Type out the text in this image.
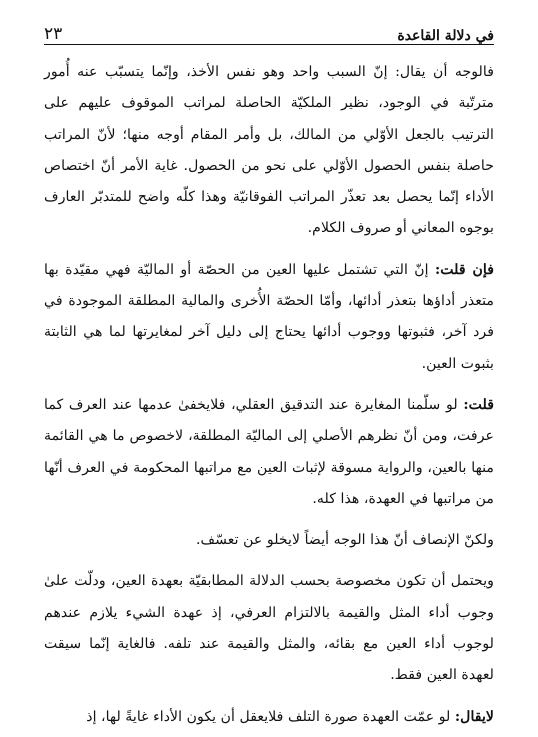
في دلالة القاعدة
٢٣

فالوجه أن يقال: إنّ السبب واحد وهو نفس الأخذ، وإنّما يتسبّب عنه أُمور مترتّبة في الوجود، نظير الملكيّة الحاصلة لمراتب الموقوف عليهم على الترتيب بالجعل الأوّلي من المالك، بل وأمر المقام أوجه منها؛ لأنّ المراتب حاصلة بنفس الحصول الأوّلي على نحو من الحصول. غاية الأمر أنّ اختصاص الأداء إنّما يحصل بعد تعذّر المراتب الفوقانيّة وهذا كلّه واضح للمتدبّر العارف بوجوه المعاني أو صروف الكلام.

فإن قلت: إنّ التي تشتمل عليها العين من الحصّة أو الماليّة فهي مقيّدة بها متعذر أداؤها بتعذر أدائها، وأمّا الحصّة الأُخرى والمالية المطلقة الموجودة في فرد آخر، فثبوتها ووجوب أدائها يحتاج إلى دليل آخر لمغايرتها لما هي الثابتة بثبوت العين.

قلت: لو سلّمنا المغايرة عند التدقيق العقلي، فلايخفىٰ عدمها عند العرف كما عرفت، ومن أنّ نظرهم الأصلي إلى الماليّة المطلقة، لاخصوص ما هي القائمة منها بالعين، والرواية مسوقة لإثبات العين مع مراتبها المحكومة في العرف أنّها من مراتبها في العهدة، هذا كله.

ولكنّ الإنصاف أنّ هذا الوجه أيضاً لايخلو عن تعسّف.

ويحتمل أن تكون مخصوصة بحسب الدلالة المطابقيّة بعهدة العين، ودلّت علىٰ وجوب أداء المثل والقيمة بالالتزام العرفي، إذ عهدة الشيء يلازم عندهم لوجوب أداء العين مع بقائه، والمثل والقيمة عند تلفه. فالغاية إنّما سيقت لعهدة العين فقط.

لايقال: لو عمّت العهدة صورة التلف فلايعقل أن يكون الأداء غايةً لها، إذ
